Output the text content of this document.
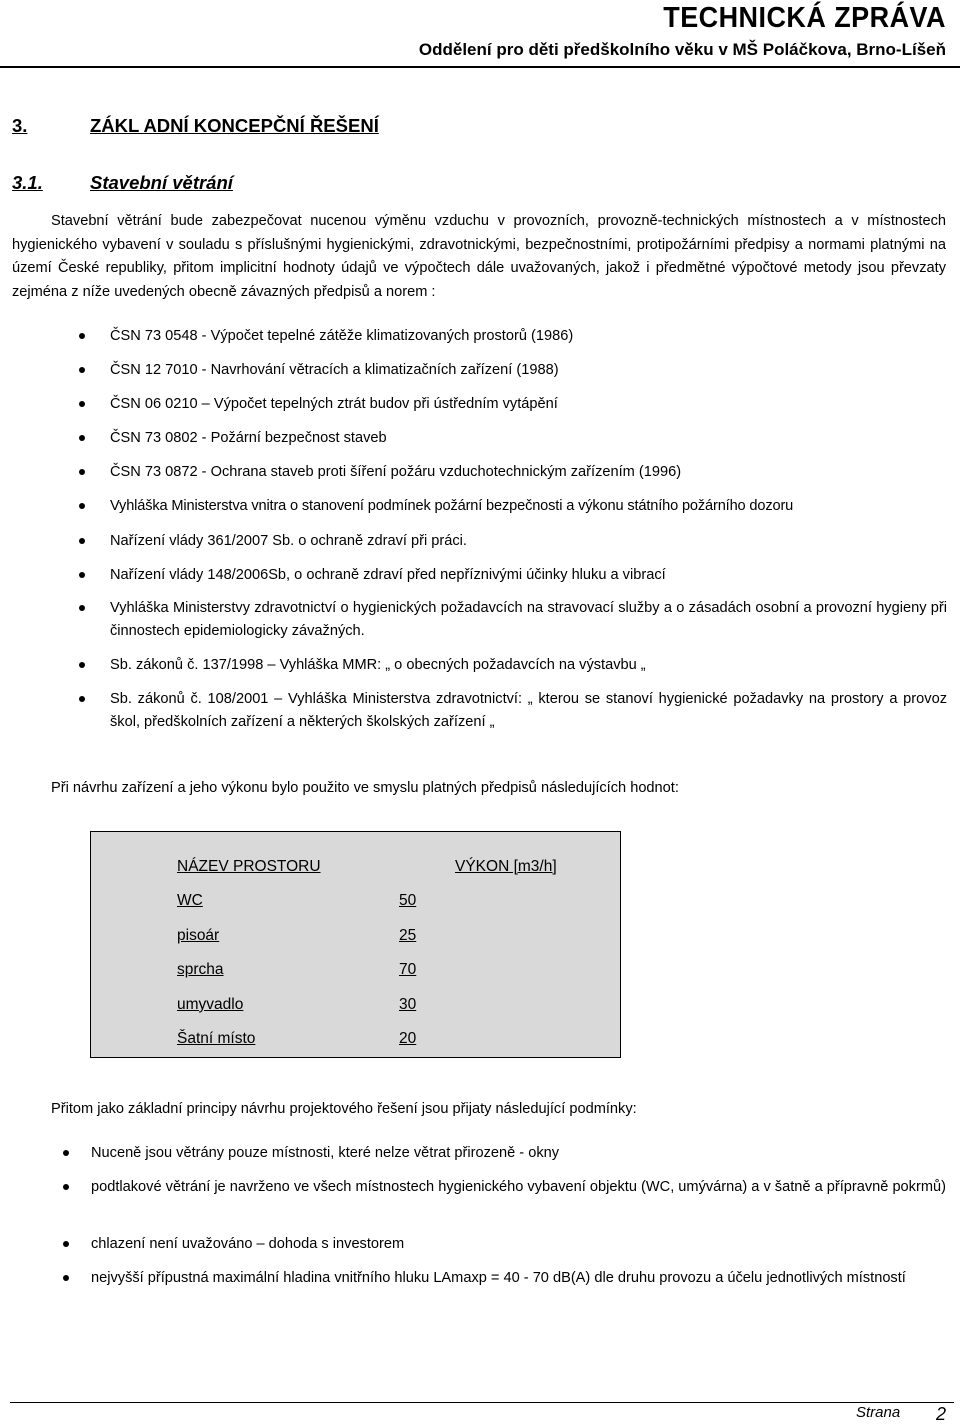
TECHNICKÁ ZPRÁVA
Oddělení pro děti předškolního věku v MŠ Poláčkova, Brno-Líšeň
3.	ZÁKL ADNÍ KONCEPČNÍ ŘEŠENÍ
3.1.	Stavební větrání
Stavební větrání bude zabezpečovat nucenou výměnu vzduchu v provozních, provozně-technických místnostech a v místnostech hygienického vybavení v souladu s příslušnými hygienickými, zdravotnickými, bezpečnostními, protipožárními předpisy a normami platnými na území České republiky, přitom implicitní hodnoty údajů ve výpočtech dále uvažovaných, jakož i předmětné výpočtové metody jsou převzaty zejména z níže uvedených obecně závazných předpisů a norem :
ČSN 73 0548 - Výpočet tepelné zátěže klimatizovaných prostorů (1986)
ČSN 12 7010 - Navrhování větracích a klimatizačních zařízení (1988)
ČSN 06 0210 – Výpočet tepelných ztrát budov při ústředním vytápění
ČSN 73 0802 - Požární bezpečnost staveb
ČSN 73 0872 - Ochrana staveb proti šíření požáru vzduchotechnickým zařízením (1996)
Vyhláška Ministerstva vnitra o stanovení podmínek požární bezpečnosti a výkonu státního požárního dozoru
Nařízení vlády 361/2007 Sb. o ochraně zdraví při práci.
Nařízení vlády 148/2006Sb, o ochraně zdraví před nepříznivými účinky hluku a vibrací
Vyhláška Ministerstvy zdravotnictví o hygienických požadavcích na stravovací služby a o zásadách osobní a provozní hygieny při činnostech epidemiologicky závažných.
Sb. zákonů č. 137/1998 – Vyhláška MMR: „ o obecných požadavcích na výstavbu „
Sb. zákonů č. 108/2001 – Vyhláška Ministerstva zdravotnictví: „ kterou se stanoví hygienické požadavky na prostory a provoz škol, předškolních zařízení a některých školských zařízení „
Při návrhu zařízení a jeho výkonu bylo použito ve smyslu platných předpisů následujících hodnot:
NÁZEV PROSTORU	VÝKON [m3/h]
WC	50
pisoár	25
sprcha	70
umyvadlo	30
Šatní místo	20
Přitom jako základní principy návrhu projektového řešení jsou přijaty následující podmínky:
Nuceně jsou větrány pouze místnosti, které nelze větrat přirozeně - okny
podtlakové větrání je navrženo ve všech místnostech hygienického vybavení objektu (WC, umývárna) a v šatně a přípravně pokrmů)
chlazení není uvažováno – dohoda s investorem
nejvyšší přípustná maximální hladina vnitřního hluku LAmaxp = 40 - 70 dB(A) dle druhu provozu a účelu jednotlivých místností
Strana 2
